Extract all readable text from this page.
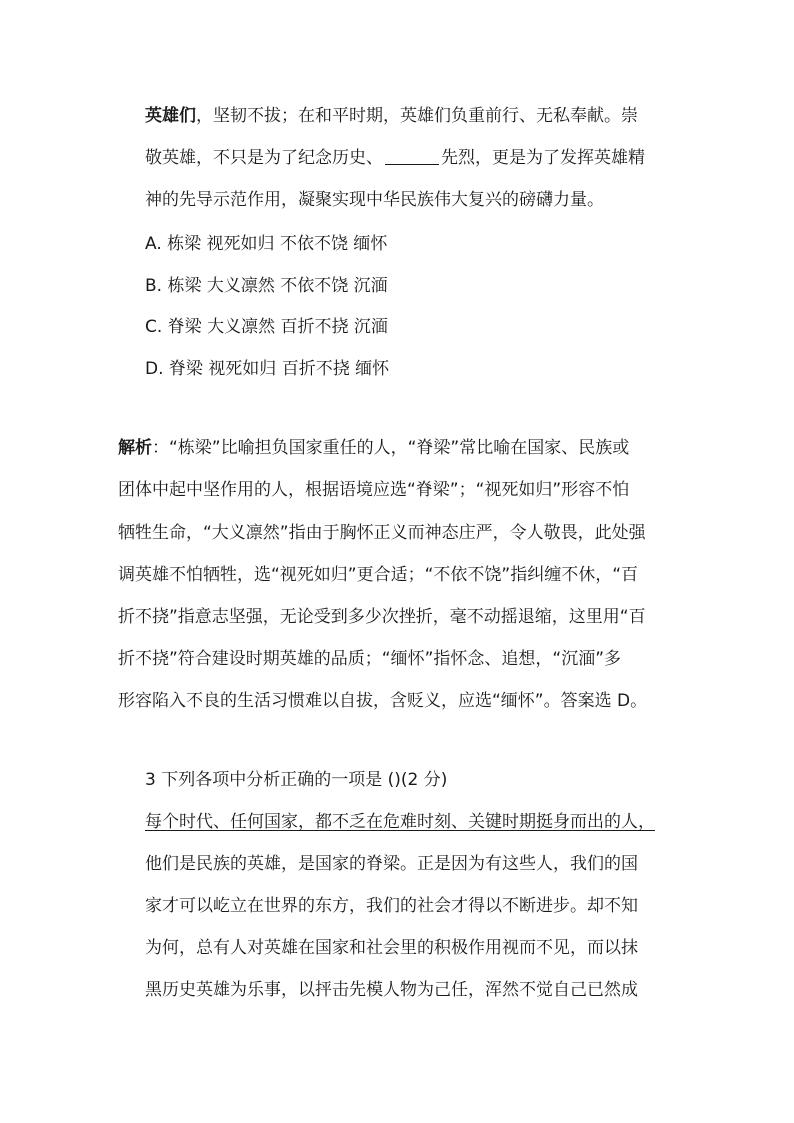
英雄们，坚韧不拔；在和平时期，英雄们负重前行、无私奉献。崇
敬英雄，不只是为了纪念历史、	先烈，更是为了发挥英雄精
神的先导示范作用，凝聚实现中华民族伟大复兴的磅礴力量。
A. 栋梁 视死如归 不依不饶 缅怀
B. 栋梁 大义凛然 不依不饶 沉湎
C. 脊梁 大义凛然 百折不挠 沉湎
D. 脊梁 视死如归 百折不挠 缅怀
解析：“栋梁”比喻担负国家重任的人，“脊梁”常比喻在国家、民族或
团体中起中坚作用的人，根据语境应选“脊梁”；“视死如归”形容不怕
牺牲生命，“大义凛然”指由于胸怀正义而神态庄严，令人敬畏，此处强
调英雄不怕牺牲，选“视死如归”更合适；“不依不饶”指纠缠不休，“百
折不挠”指意志坚强，无论受到多少次挫折，毫不动摇退缩，这里用“百
折不挠”符合建设时期英雄的品质；“缅怀”指怀念、追想，“沉湎”多
形容陷入不良的生活习惯难以自拔，含贬义，应选“缅怀”。答案选 D。
3 下列各项中分析正确的一项是 ()(2 分)
每个时代、任何国家，都不乏在危难时刻、关键时期挺身而出的人，
他们是民族的英雄，是国家的脊梁。正是因为有这些人，我们的国
家才可以屹立在世界的东方，我们的社会才得以不断进步。却不知
为何，总有人对英雄在国家和社会里的积极作用视而不见，而以抹
黑历史英雄为乐事，以抨击先模人物为己任，浑然不觉自己已然成
